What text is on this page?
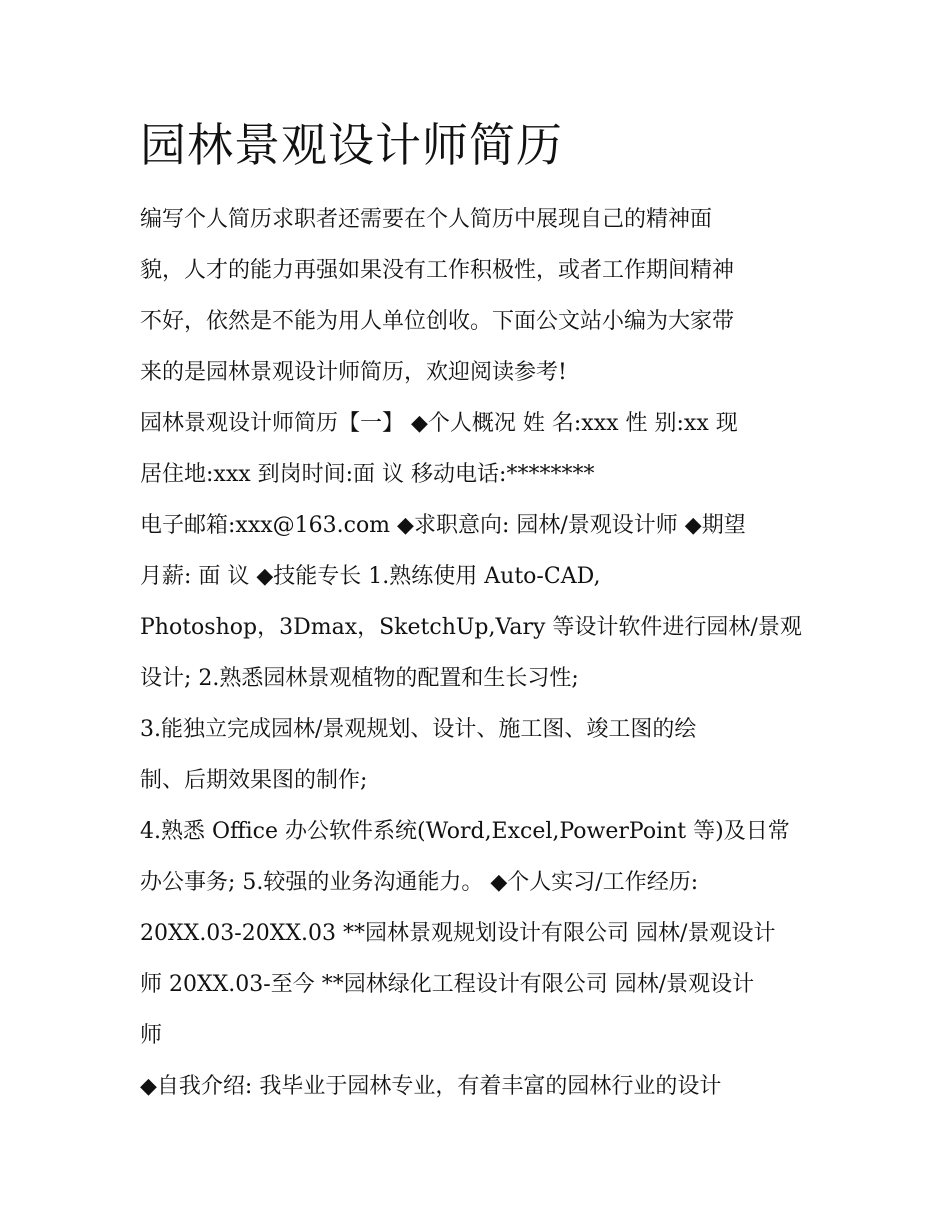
园林景观设计师简历

编写个人简历求职者还需要在个人简历中展现自己的精神面
貌，人才的能力再强如果没有工作积极性，或者工作期间精神
不好，依然是不能为用人单位创收。下面公文站小编为大家带
来的是园林景观设计师简历，欢迎阅读参考!

园林景观设计师简历【一】 ◆个人概况 姓 名:xxx 性 别:xx 现
居住地:xxx 到岗时间:面 议 移动电话:********

电子邮箱:xxx@163.com ◆求职意向: 园林/景观设计师 ◆期望
月薪: 面 议 ◆技能专长 1.熟练使用 Auto-CAD,

Photoshop，3Dmax，SketchUp,Vary 等设计软件进行园林/景观
设计; 2.熟悉园林景观植物的配置和生长习性;

3.能独立完成园林/景观规划、设计、施工图、竣工图的绘
制、后期效果图的制作;

4.熟悉 Office 办公软件系统(Word,Excel,PowerPoint 等)及日常
办公事务; 5.较强的业务沟通能力。 ◆个人实习/工作经历:

20XX.03-20XX.03 **园林景观规划设计有限公司 园林/景观设计
师 20XX.03-至今 **园林绿化工程设计有限公司 园林/景观设计
师

◆自我介绍: 我毕业于园林专业，有着丰富的园林行业的设计
